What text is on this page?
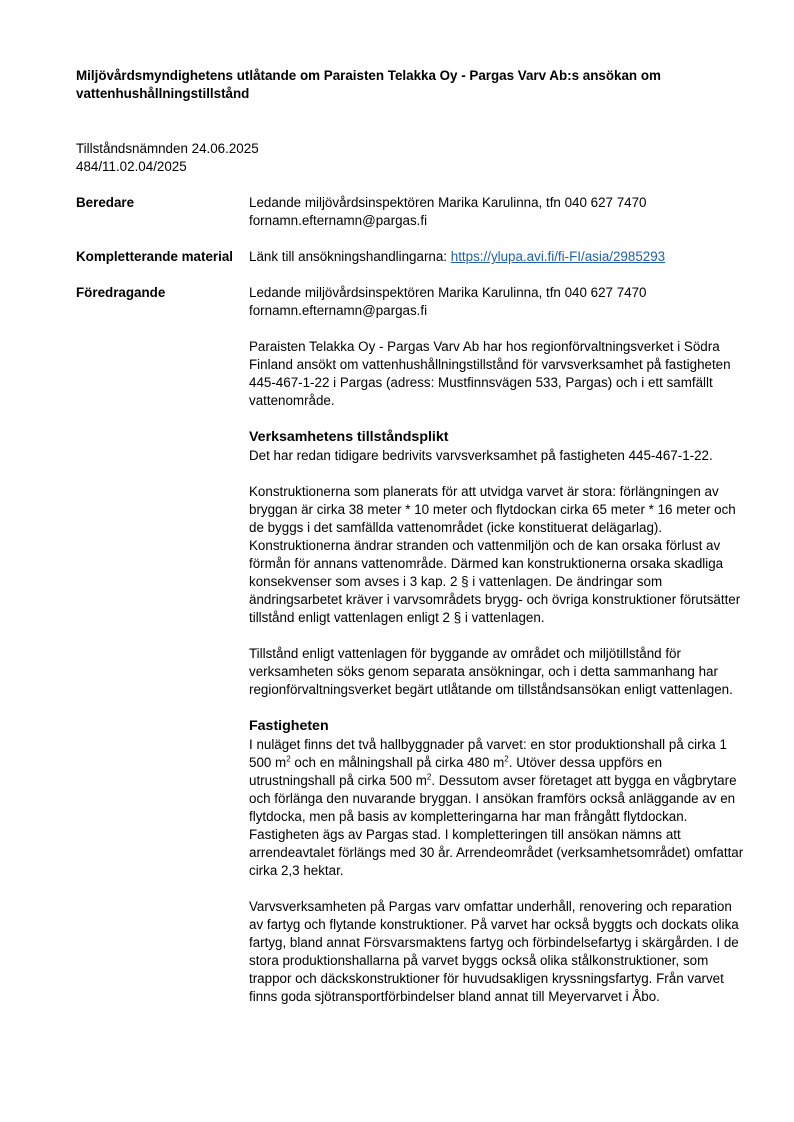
Miljövårdsmyndighetens utlåtande om Paraisten Telakka Oy - Pargas Varv Ab:s ansökan om vattenhushållningstillstånd
Tillståndsnämnden 24.06.2025
484/11.02.04/2025
Beredare	Ledande miljövårdsinspektören Marika Karulinna, tfn 040 627 7470
fornamn.efternamn@pargas.fi
Kompletterande material	Länk till ansökningshandlingarna: https://ylupa.avi.fi/fi-FI/asia/2985293
Föredragande	Ledande miljövårdsinspektören Marika Karulinna, tfn 040 627 7470
fornamn.efternamn@pargas.fi

Paraisten Telakka Oy - Pargas Varv Ab har hos regionförvaltningsverket i Södra Finland ansökt om vattenhushållningstillstånd för varvsverksamhet på fastigheten 445-467-1-22 i Pargas (adress: Mustfinnsvägen 533, Pargas) och i ett samfällt vattenområde.

Verksamhetens tillståndsplikt

Det har redan tidigare bedrivits varvsverksamhet på fastigheten 445-467-1-22.

Konstruktionerna som planerats för att utvidga varvet är stora: förlängningen av bryggan är cirka 38 meter * 10 meter och flytdockan cirka 65 meter * 16 meter och de byggs i det samfällda vattenområdet (icke konstituerat delägarlag). Konstruktionerna ändrar stranden och vattenmiljön och de kan orsaka förlust av förmån för annans vattenområde. Därmed kan konstruktionerna orsaka skadliga konsekvenser som avses i 3 kap. 2 § i vattenlagen. De ändringar som ändringsarbetet kräver i varvsområdets brygg- och övriga konstruktioner förutsätter tillstånd enligt vattenlagen enligt 2 § i vattenlagen.

Tillstånd enligt vattenlagen för byggande av området och miljötillstånd för verksamheten söks genom separata ansökningar, och i detta sammanhang har regionförvaltningsverket begärt utlåtande om tillståndsansökan enligt vattenlagen.

Fastigheten

I nuläget finns det två hallbyggnader på varvet: en stor produktionshall på cirka 1 500 $m^2$ och en målningshall på cirka 480 $m^2$. Utöver dessa uppförs en utrustningshall på cirka 500 $m^2$. Dessutom avser företaget att bygga en vågbrytare och förlänga den nuvarande bryggan. I ansökan framförs också anläggande av en flytdocka, men på basis av kompletteringarna har man frångått flytdockan. Fastigheten ägs av Pargas stad. I kompletteringen till ansökan nämns att arrendeavtalet förlängs med 30 år. Arrendeområdet (verksamhetsområdet) omfattar cirka 2,3 hektar.

Varvsverksamheten på Pargas varv omfattar underhåll, renovering och reparation av fartyg och flytande konstruktioner. På varvet har också byggts och dockats olika fartyg, bland annat Försvarsmaktens fartyg och förbindelsefartyg i skärgården. I de stora produktionshallarna på varvet byggs också olika stålkonstruktioner, som trappor och däckskonstruktioner för huvudsakligen kryssningsfartyg. Från varvet finns goda sjötransportförbindelser bland annat till Meyervarvet i Åbo.
